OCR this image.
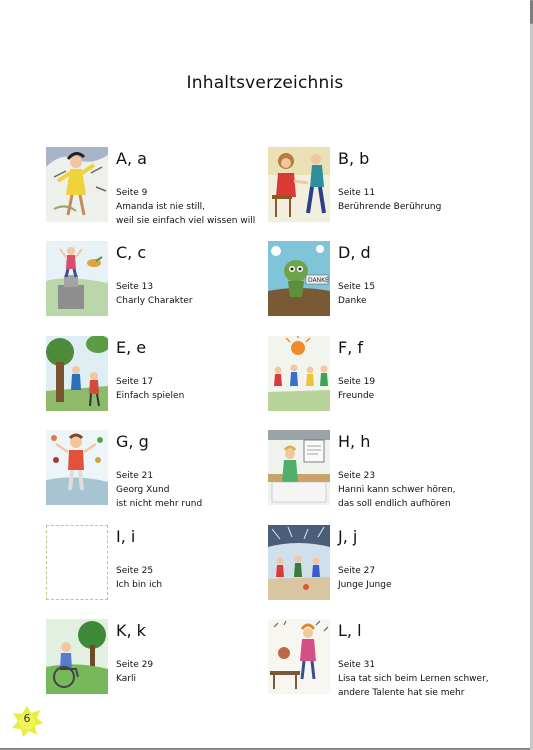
Inhaltsverzeichnis
A, a
Seite 9
Amanda ist nie still,
weil sie einfach viel wissen will
B, b
Seite 11
Berührende Berührung
C, c
Seite 13
Charly Charakter
DANKE
D, d
Seite 15
Danke
E, e
Seite 17
Einfach spielen
F, f
Seite 19
Freunde
G, g
Seite 21
Georg Xund
ist nicht mehr rund
H, h
Seite 23
Hanni kann schwer hören,
das soll endlich aufhören
I, i
Seite 25
Ich bin ich
J, j
Seite 27
Junge Junge
K, k
Seite 29
Karli
L, l
Seite 31
Lisa tat sich beim Lernen schwer,
andere Talente hat sie mehr
6
